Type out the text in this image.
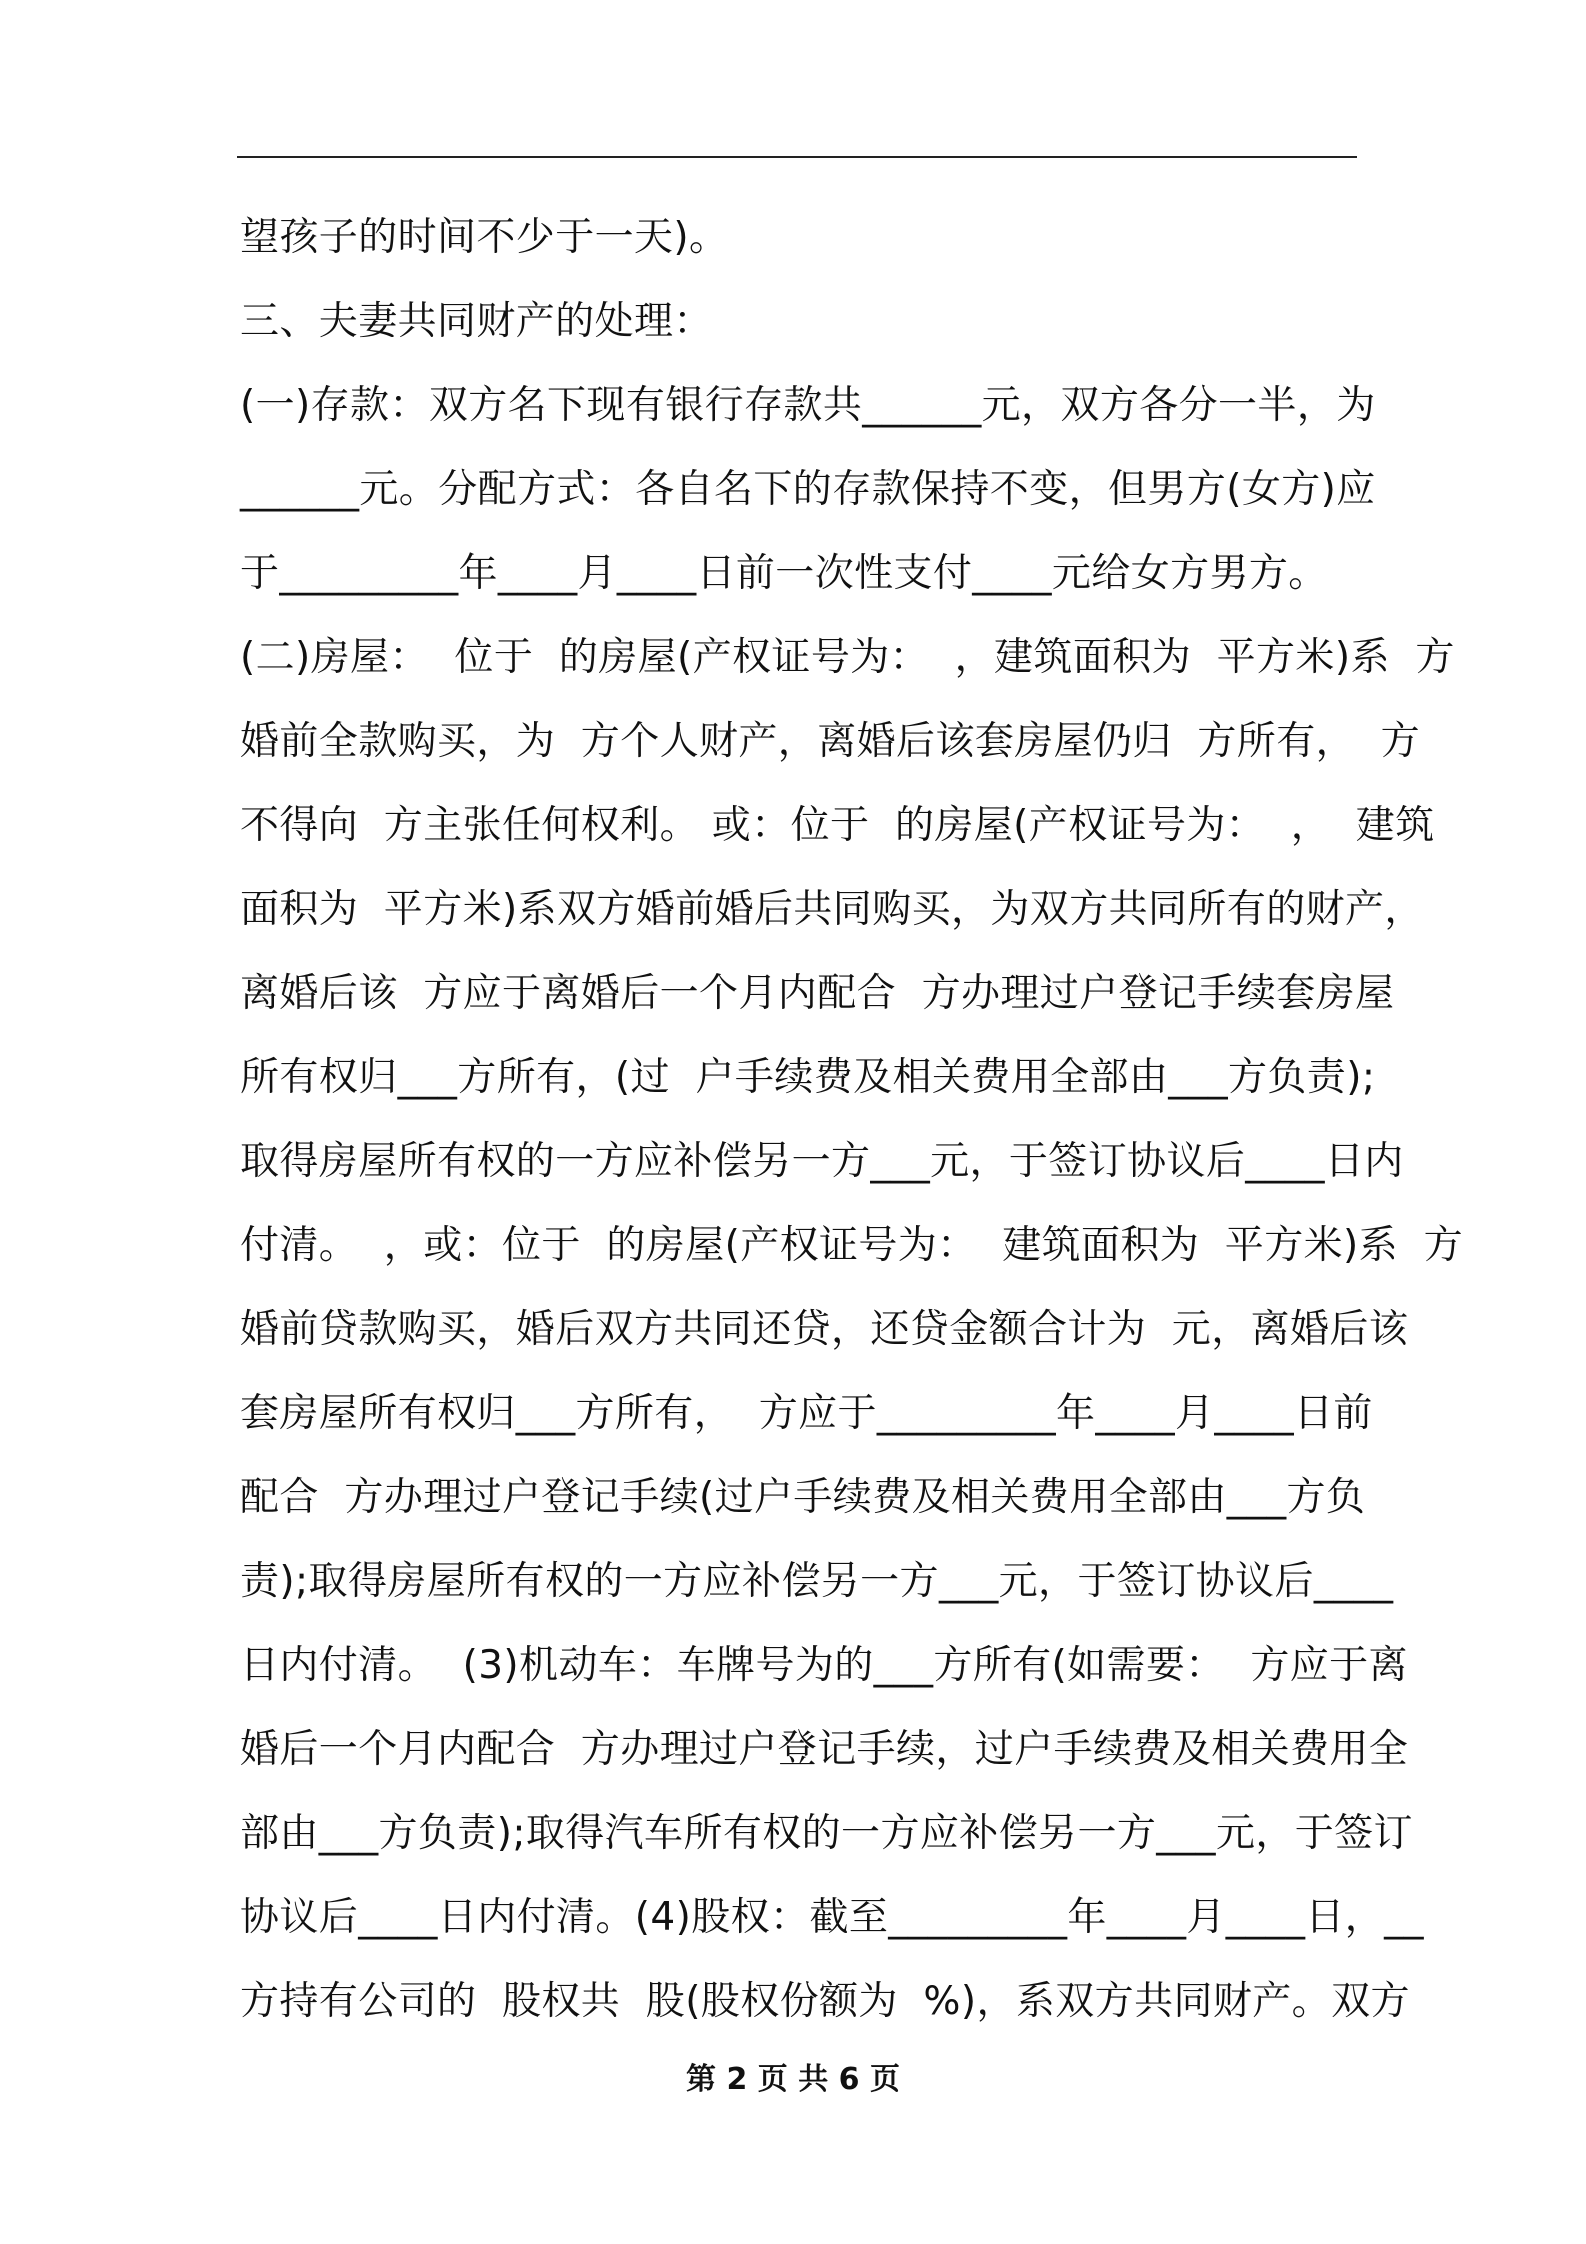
望孩子的时间不少于一天)。
三、夫妻共同财产的处理：
(一)存款：双方名下现有银行存款共______元，双方各分一半，为
______元。分配方式：各自名下的存款保持不变，但男方(女方)应
于_________年____月____日前一次性支付____元给女方男方。
(二)房屋：  位于  的房屋(产权证号为：  ，建筑面积为  平方米)系  方
婚前全款购买，为  方个人财产，离婚后该套房屋仍归  方所有，  方
不得向  方主张任何权利。 或：位于  的房屋(产权证号为：  ，  建筑
面积为  平方米)系双方婚前婚后共同购买，为双方共同所有的财产，
离婚后该  方应于离婚后一个月内配合  方办理过户登记手续套房屋
所有权归___方所有，(过  户手续费及相关费用全部由___方负责);
取得房屋所有权的一方应补偿另一方___元，于签订协议后____日内
付清。  ，或：位于  的房屋(产权证号为：  建筑面积为  平方米)系  方
婚前贷款购买，婚后双方共同还贷，还贷金额合计为  元，离婚后该
套房屋所有权归___方所有，  方应于_________年____月____日前
配合  方办理过户登记手续(过户手续费及相关费用全部由___方负
责);取得房屋所有权的一方应补偿另一方___元，于签订协议后____
日内付清。  (3)机动车：车牌号为的___方所有(如需要：  方应于离
婚后一个月内配合  方办理过户登记手续，过户手续费及相关费用全
部由___方负责);取得汽车所有权的一方应补偿另一方___元，于签订
协议后____日内付清。(4)股权：截至_________年____月____日，__
方持有公司的  股权共  股(股权份额为  %)，系双方共同财产。双方
第 2 页 共 6 页
